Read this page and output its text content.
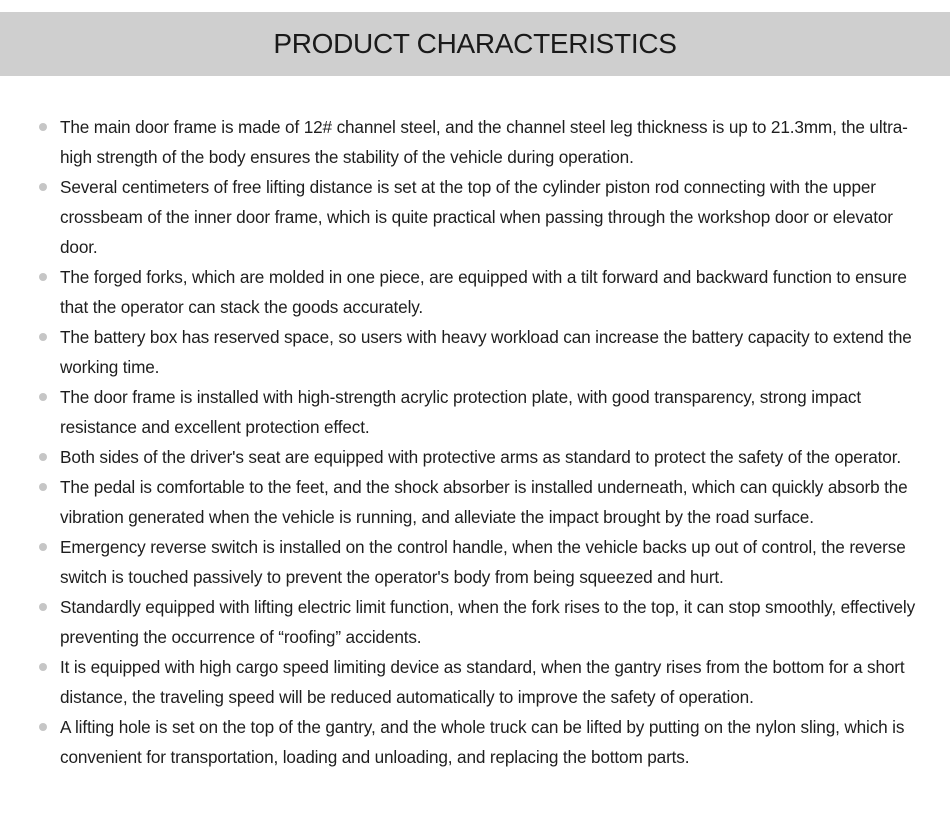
PRODUCT CHARACTERISTICS
The main door frame is made of 12# channel steel, and the channel steel leg thickness is up to 21.3mm, the ultra-high strength of the body ensures the stability of the vehicle during operation.
Several centimeters of free lifting distance is set at the top of the cylinder piston rod connecting with the upper crossbeam of the inner door frame, which is quite practical when passing through the workshop door or elevator door.
The forged forks, which are molded in one piece, are equipped with a tilt forward and backward function to ensure that the operator can stack the goods accurately.
The battery box has reserved space, so users with heavy workload can increase the battery capacity to extend the working time.
The door frame is installed with high-strength acrylic protection plate, with good transparency, strong impact resistance and excellent protection effect.
Both sides of the driver's seat are equipped with protective arms as standard to protect the safety of the operator.
The pedal is comfortable to the feet, and the shock absorber is installed underneath, which can quickly absorb the vibration generated when the vehicle is running, and alleviate the impact brought by the road surface.
Emergency reverse switch is installed on the control handle, when the vehicle backs up out of control, the reverse switch is touched passively to prevent the operator's body from being squeezed and hurt.
Standardly equipped with lifting electric limit function, when the fork rises to the top, it can stop smoothly, effectively preventing the occurrence of “roofing” accidents.
It is equipped with high cargo speed limiting device as standard, when the gantry rises from the bottom for a short distance, the traveling speed will be reduced automatically to improve the safety of operation.
A lifting hole is set on the top of the gantry, and the whole truck can be lifted by putting on the nylon sling, which is convenient for transportation, loading and unloading, and replacing the bottom parts.
